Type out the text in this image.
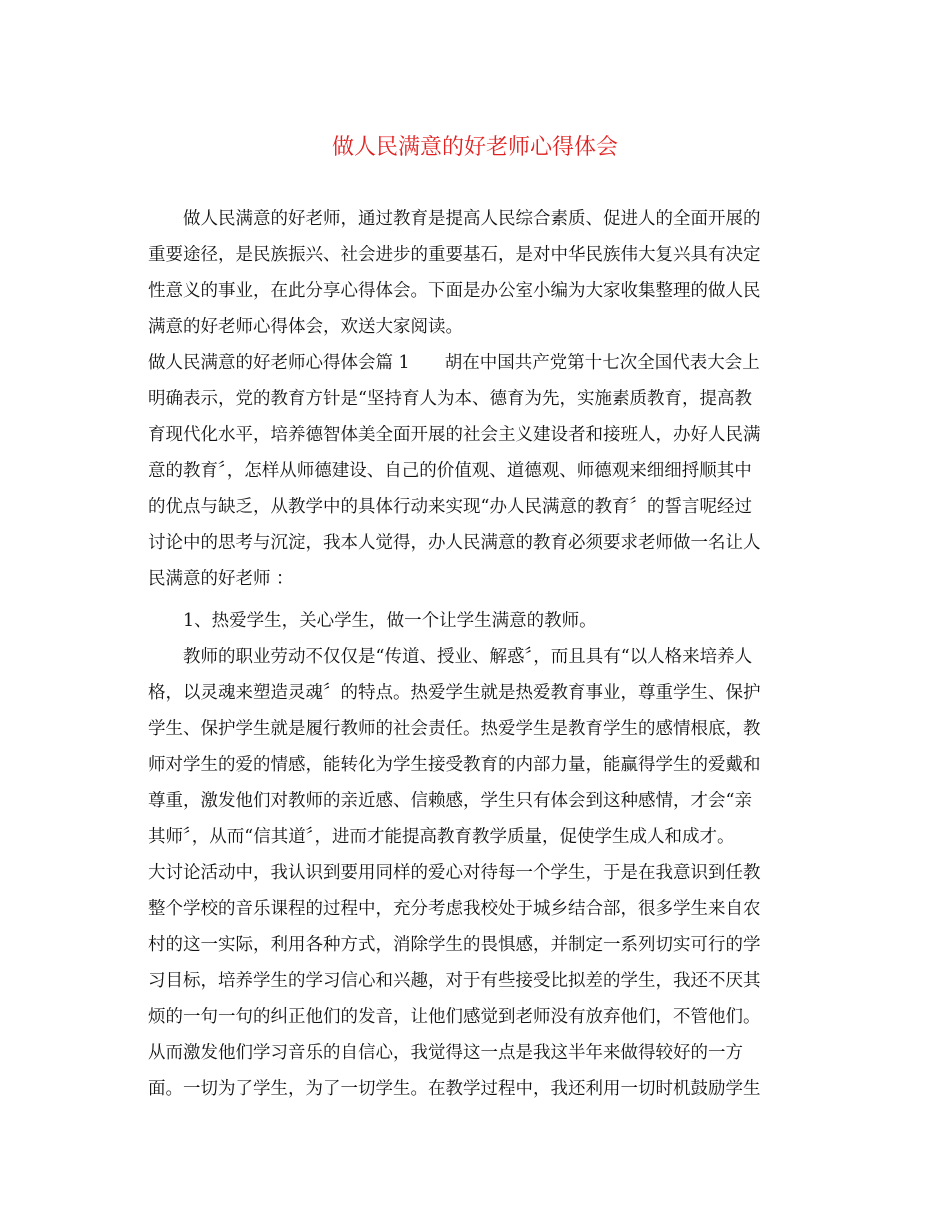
做人民满意的好老师心得体会
做人民满意的好老师，通过教育是提高人民综合素质、促进人的全面开展的
重要途径，是民族振兴、社会进步的重要基石，是对中华民族伟大复兴具有决定
性意义的事业，在此分享心得体会。下面是办公室小编为大家收集整理的做人民
满意的好老师心得体会，欢送大家阅读。
做人民满意的好老师心得体会篇 1　　胡在中国共产党第十七次全国代表大会上
明确表示，党的教育方针是“坚持育人为本、德育为先，实施素质教育，提高教
育现代化水平，培养德智体美全面开展的社会主义建设者和接班人，办好人民满
意的教育〞，怎样从师德建设、自己的价值观、道德观、师德观来细细捋顺其中
的优点与缺乏，从教学中的具体行动来实现“办人民满意的教育〞的誓言呢经过
讨论中的思考与沉淀，我本人觉得，办人民满意的教育必须要求老师做一名让人
民满意的好老师 ：
1、热爱学生，关心学生，做一个让学生满意的教师。
教师的职业劳动不仅仅是“传道、授业、解惑〞，而且具有“以人格来培养人
格，以灵魂来塑造灵魂〞的特点。热爱学生就是热爱教育事业，尊重学生、保护
学生、保护学生就是履行教师的社会责任。热爱学生是教育学生的感情根底，教
师对学生的爱的情感，能转化为学生接受教育的内部力量，能赢得学生的爱戴和
尊重，激发他们对教师的亲近感、信赖感，学生只有体会到这种感情，才会“亲
其师〞，从而“信其道〞，进而才能提高教育教学质量，促使学生成人和成才。
大讨论活动中，我认识到要用同样的爱心对待每一个学生，于是在我意识到任教
整个学校的音乐课程的过程中，充分考虑我校处于城乡结合部，很多学生来自农
村的这一实际，利用各种方式，消除学生的畏惧感，并制定一系列切实可行的学
习目标，培养学生的学习信心和兴趣，对于有些接受比拟差的学生，我还不厌其
烦的一句一句的纠正他们的发音，让他们感觉到老师没有放弃他们，不管他们。
从而激发他们学习音乐的自信心，我觉得这一点是我这半年来做得较好的一方
面。一切为了学生，为了一切学生。在教学过程中，我还利用一切时机鼓励学生
